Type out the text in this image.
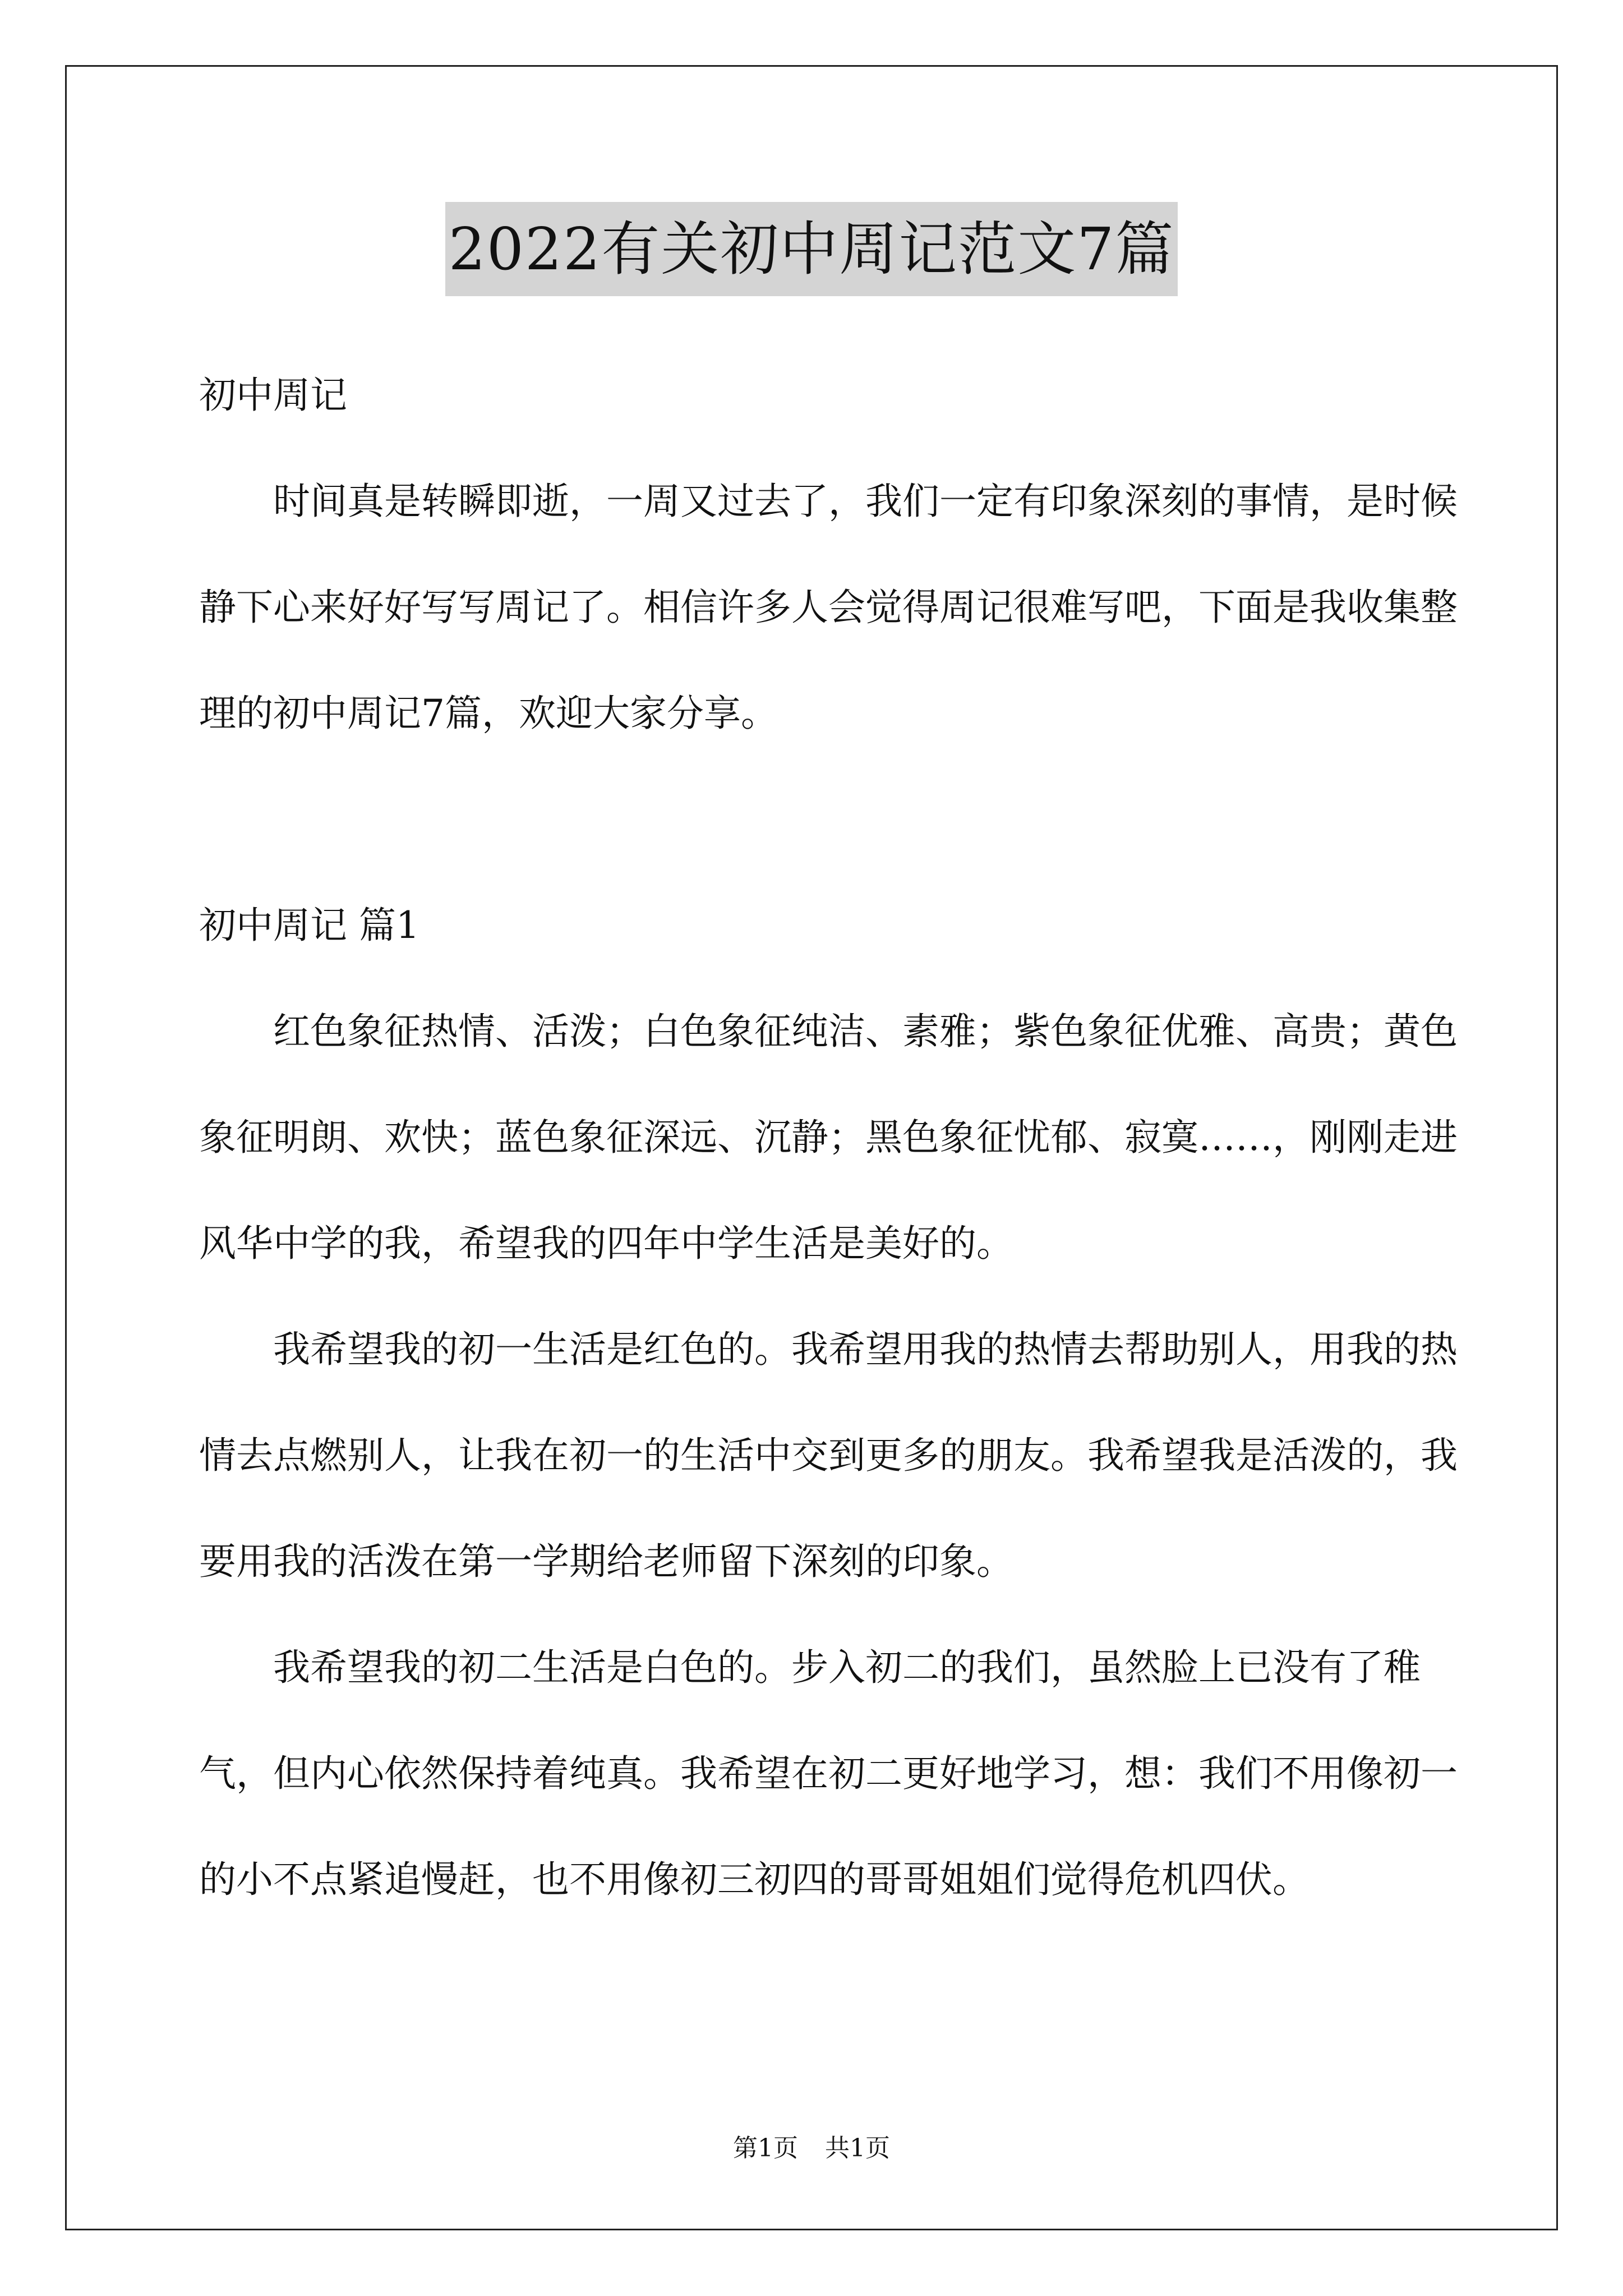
2022有关初中周记范文7篇

初中周记

时间真是转瞬即逝，一周又过去了，我们一定有印象深刻的事情，是时候静下心来好好写写周记了。相信许多人会觉得周记很难写吧，下面是我收集整理的初中周记7篇，欢迎大家分享。

初中周记 篇1

红色象征热情、活泼；白色象征纯洁、素雅；紫色象征优雅、高贵；黄色象征明朗、欢快；蓝色象征深远、沉静；黑色象征忧郁、寂寞……，刚刚走进风华中学的我，希望我的四年中学生活是美好的。

我希望我的初一生活是红色的。我希望用我的热情去帮助别人，用我的热情去点燃别人，让我在初一的生活中交到更多的朋友。我希望我是活泼的，我要用我的活泼在第一学期给老师留下深刻的印象。

我希望我的初二生活是白色的。步入初二的我们，虽然脸上已没有了稚气，但内心依然保持着纯真。我希望在初二更好地学习，想：我们不用像初一的小不点紧追慢赶，也不用像初三初四的哥哥姐姐们觉得危机四伏。

第1页 共1页
